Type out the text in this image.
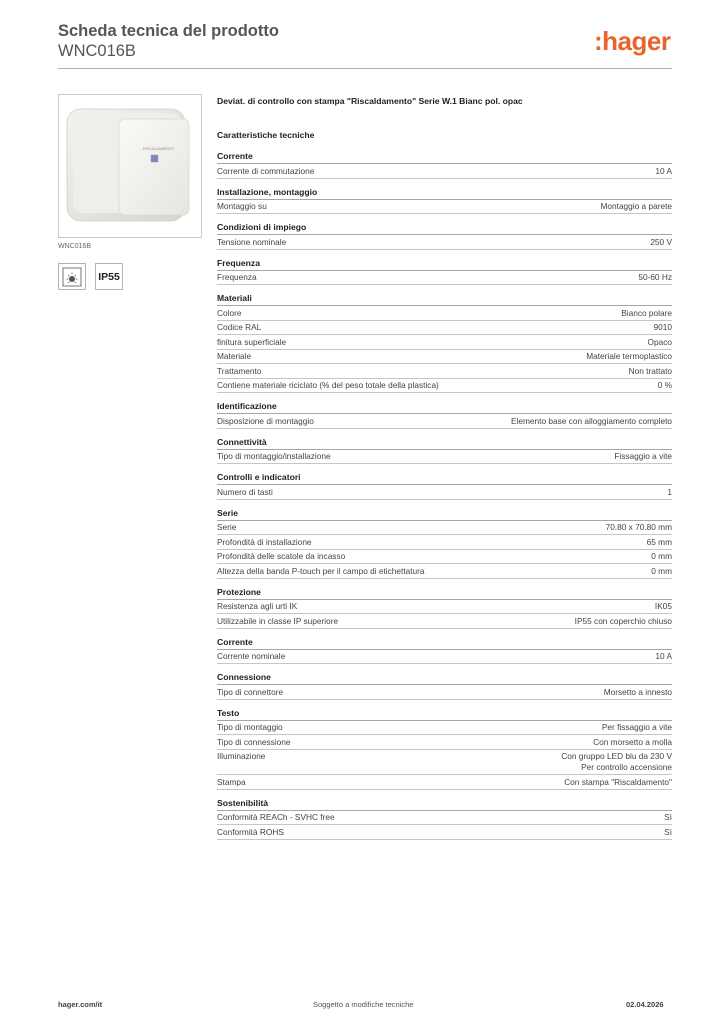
Scheda tecnica del prodotto
WNC016B	:hager
RISCALDAMENTO
WNC016B
IP55
Deviat. di controllo con stampa "Riscaldamento" Serie W.1 Bianc pol. opac
Caratteristiche tecniche
Corrente
Corrente di commutazione	10 A
Installazione, montaggio
Montaggio su	Montaggio a parete
Condizioni di impiego
Tensione nominale	250 V
Frequenza
Frequenza	50-60 Hz
Materiali
Colore	Bianco polare
Codice RAL	9010
finitura superficiale	Opaco
Materiale	Materiale termoplastico
Trattamento	Non trattato
Contiene materiale riciclato (% del peso totale della plastica)	0 %
Identificazione
Disposizione di montaggio	Elemento base con alloggiamento completo
Connettività
Tipo di montaggio/installazione	Fissaggio a vite
Controlli e indicatori
Numero di tasti	1
Serie
Serie	70.80 x 70.80 mm
Profondità di installazione	65 mm
Profondità delle scatole da incasso	0 mm
Altezza della banda P-touch per il campo di etichettatura	0 mm
Protezione
Resistenza agli urti IK	IK05
Utilizzabile in classe IP superiore	IP55 con coperchio chiuso
Corrente
Corrente nominale	10 A
Connessione
Tipo di connettore	Morsetto a innesto
Testo
Tipo di montaggio	Per fissaggio a vite
Tipo di connessione	Con morsetto a molla
Illuminazione	Con gruppo LED blu da 230 V
Per controllo accensione
Stampa	Con stampa "Riscaldamento"
Sostenibilità
Conformità REACh - SVHC free	Sì
Conformità ROHS	Sì
hager.com/it	Soggetto a modifiche tecniche	02.04.2026
